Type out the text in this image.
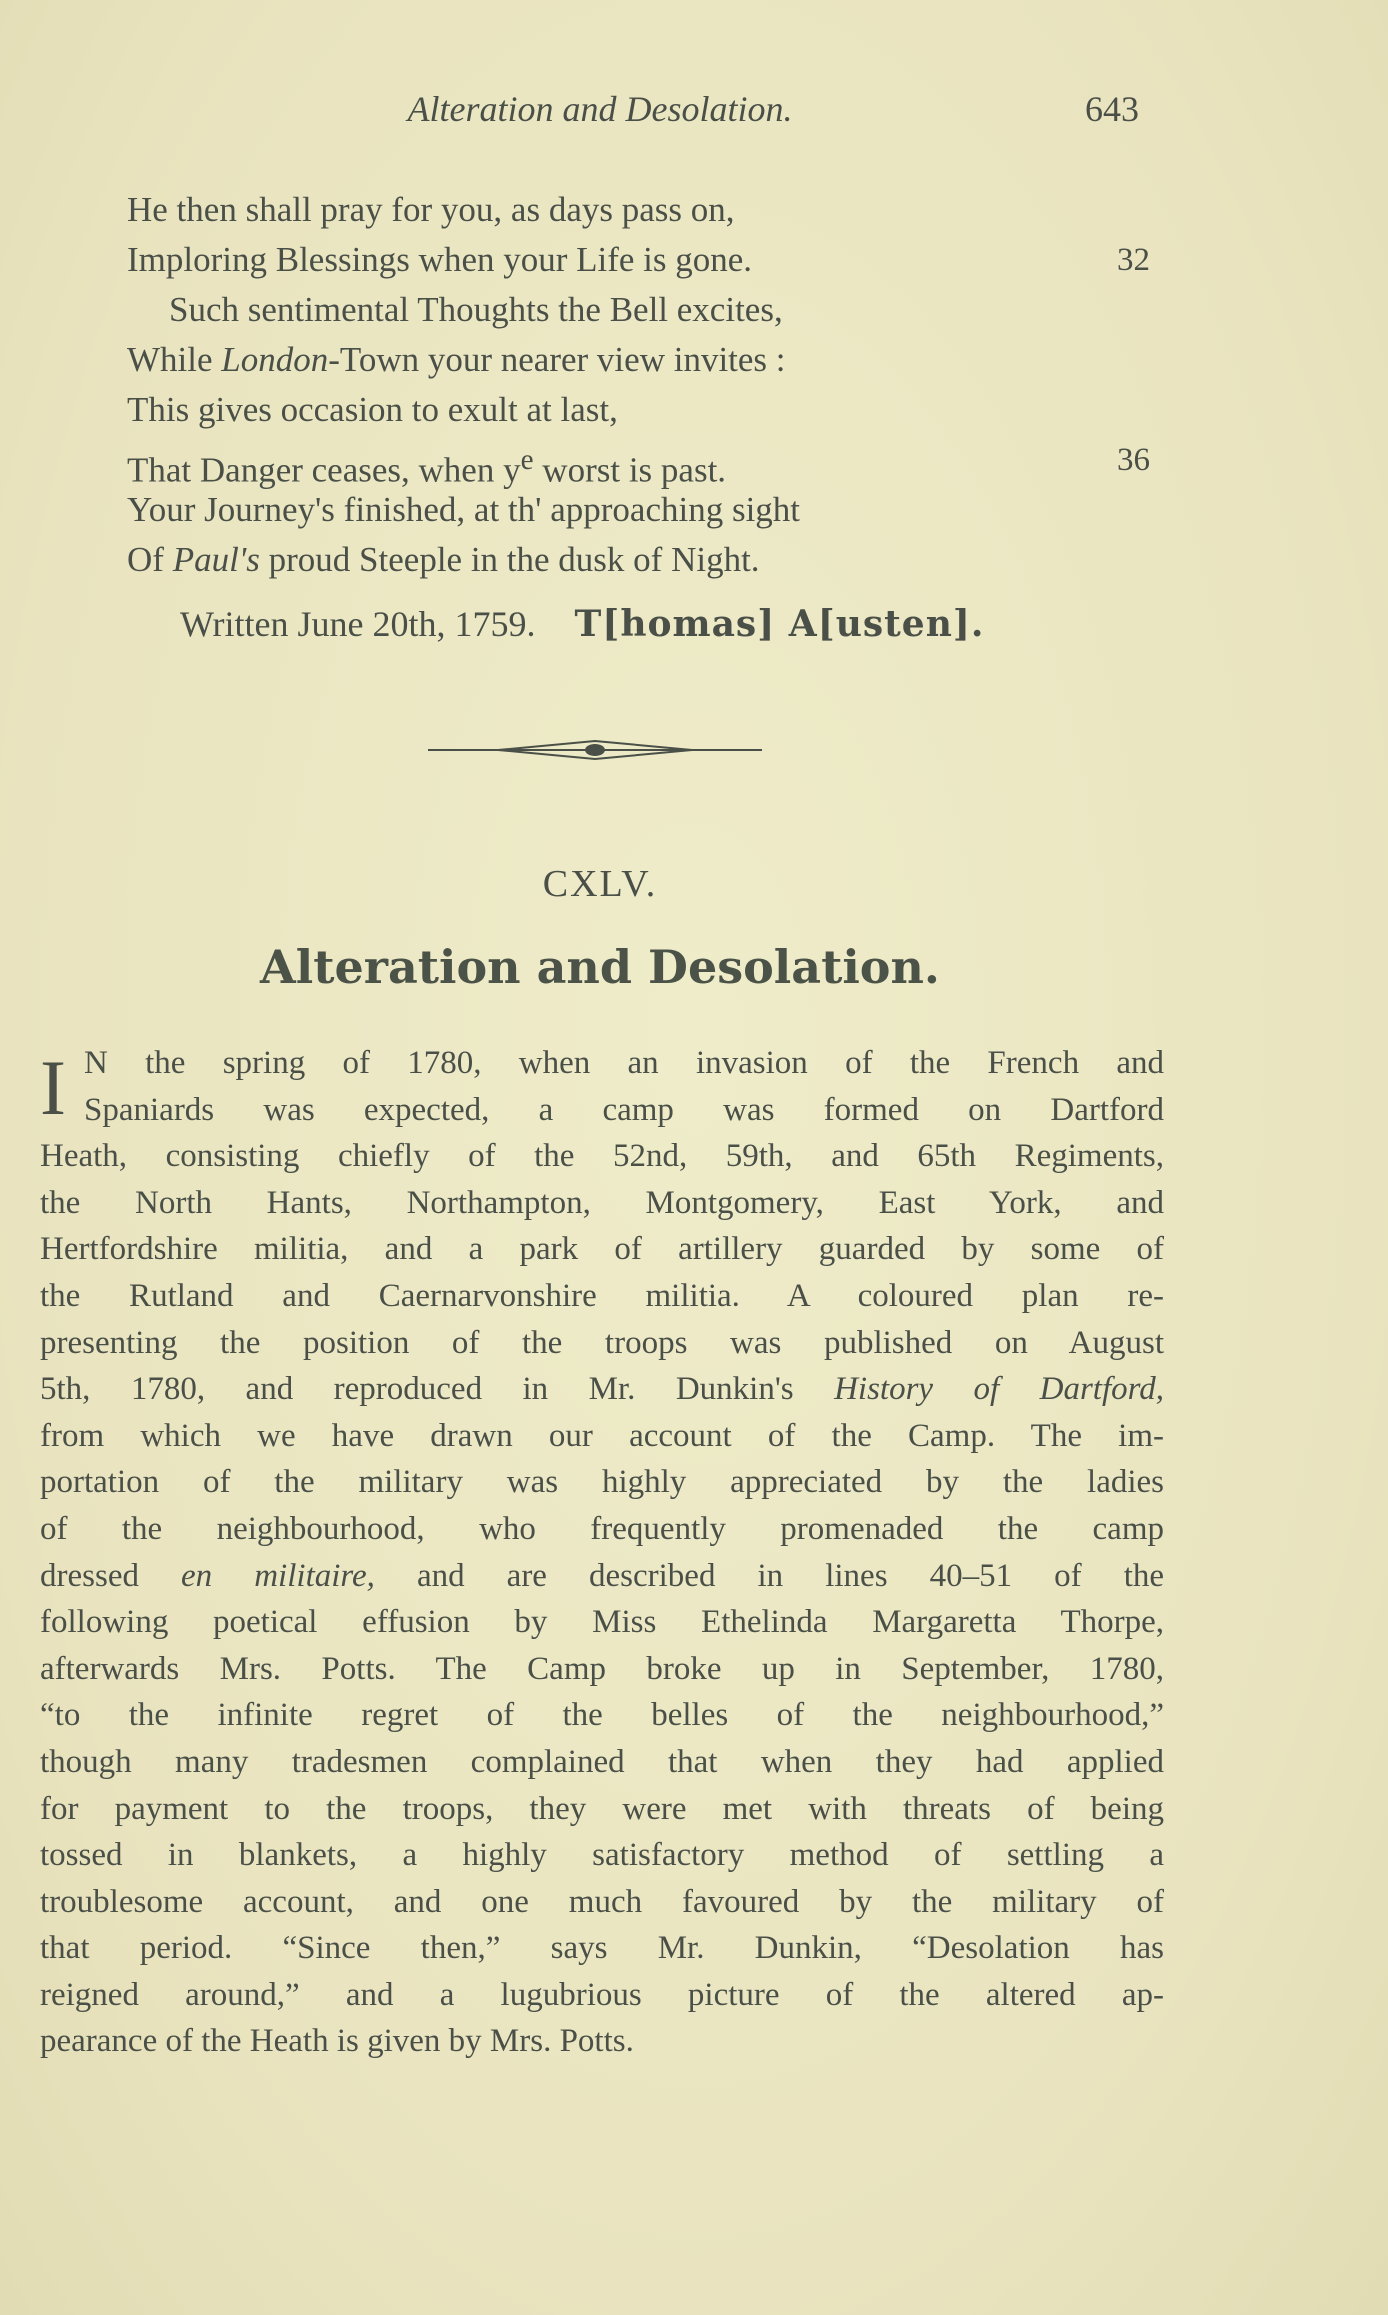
Alteration and Desolation.	643
He then shall pray for you, as days pass on,
Imploring Blessings when your Life is gone.	32
Such sentimental Thoughts the Bell excites,
While London-Town your nearer view invites :
This gives occasion to exult at last,
That Danger ceases, when $y^e$ worst is past.	36
Your Journey's finished, at th' approaching sight
Of Paul's proud Steeple in the dusk of Night.
Written June 20th, 1759. T[homas] A[usten].
CXLV.
Alteration and Desolation.
I N the spring of 1780, when an invasion of the French and
Spaniards was expected, a camp was formed on Dartford
Heath, consisting chiefly of the 52nd, 59th, and 65th Regiments,
the North Hants, Northampton, Montgomery, East York, and
Hertfordshire militia, and a park of artillery guarded by some of
the Rutland and Caernarvonshire militia. A coloured plan re-
presenting the position of the troops was published on August
5th, 1780, and reproduced in Mr. Dunkin's History of Dartford,
from which we have drawn our account of the Camp. The im-
portation of the military was highly appreciated by the ladies
of the neighbourhood, who frequently promenaded the camp
dressed en militaire, and are described in lines 40–51 of the
following poetical effusion by Miss Ethelinda Margaretta Thorpe,
afterwards Mrs. Potts. The Camp broke up in September, 1780,
“to the infinite regret of the belles of the neighbourhood,”
though many tradesmen complained that when they had applied
for payment to the troops, they were met with threats of being
tossed in blankets, a highly satisfactory method of settling a
troublesome account, and one much favoured by the military of
that period. “Since then,” says Mr. Dunkin, “Desolation has
reigned around,” and a lugubrious picture of the altered ap-
pearance of the Heath is given by Mrs. Potts.
